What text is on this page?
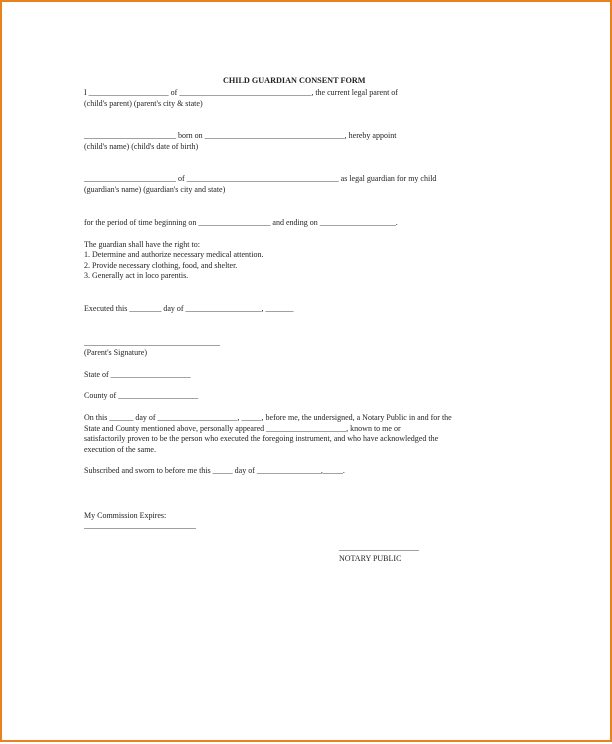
CHILD GUARDIAN CONSENT FORM
I ____________________ of _________________________________, the current legal parent of
(child's parent) (parent's city & state)
_______________________ born on ___________________________________, hereby appoint
(child's name) (child's date of birth)
_______________________ of ______________________________________ as legal guardian for my child
(guardian's name) (guardian's city and state)
for the period of time beginning on __________________ and ending on ___________________.
The guardian shall have the right to:
1. Determine and authorize necessary medical attention.
2. Provide necessary clothing, food, and shelter.
3. Generally act in loco parentis.
Executed this ________ day of ___________________, _______
__________________________________
(Parent's Signature)
State of ____________________
County of ____________________
On this ______ day of ____________________, _____, before me, the undersigned, a Notary Public in and for the
State and County mentioned above, personally appeared ____________________, known to me or
satisfactorily proven to be the person who executed the foregoing instrument, and who have acknowledged the
execution of the same.
Subscribed and sworn to before me this _____ day of ________________,_____.
My Commission Expires:
____________________________
____________________
NOTARY PUBLIC
